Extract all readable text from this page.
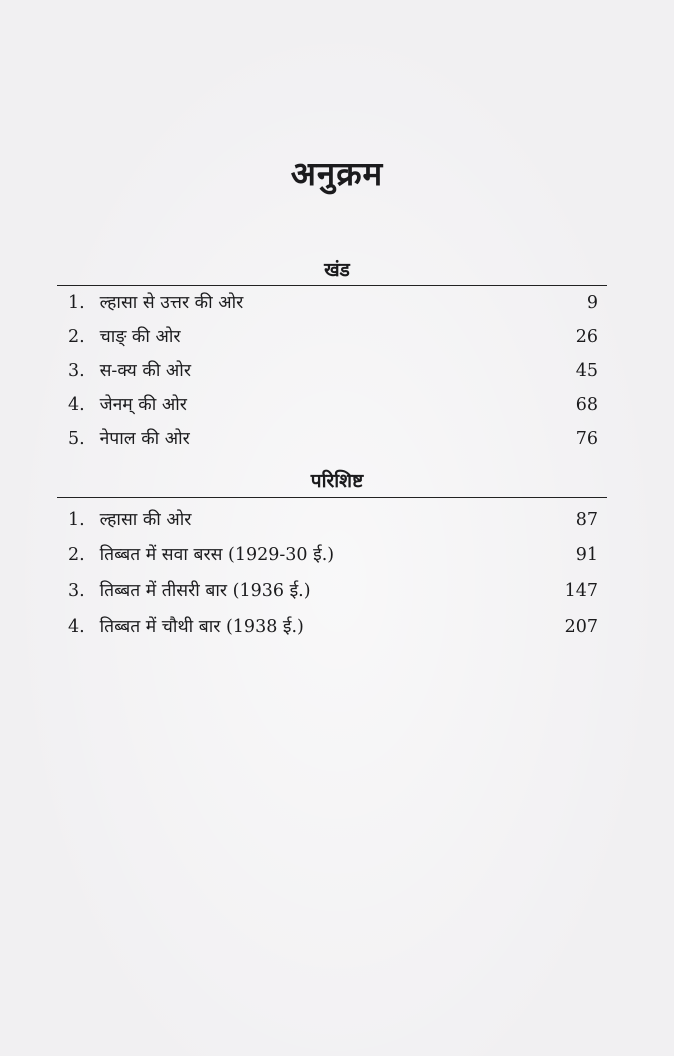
अनुक्रम
खंड
1. ल्हासा से उत्तर की ओर	9
2. चाङ् की ओर	26
3. स-क्य की ओर	45
4. जेनम् की ओर	68
5. नेपाल की ओर	76
परिशिष्ट
1. ल्हासा की ओर	87
2. तिब्बत में सवा बरस (1929-30 ई.)	91
3. तिब्बत में तीसरी बार (1936 ई.)	147
4. तिब्बत में चौथी बार (1938 ई.)	207
